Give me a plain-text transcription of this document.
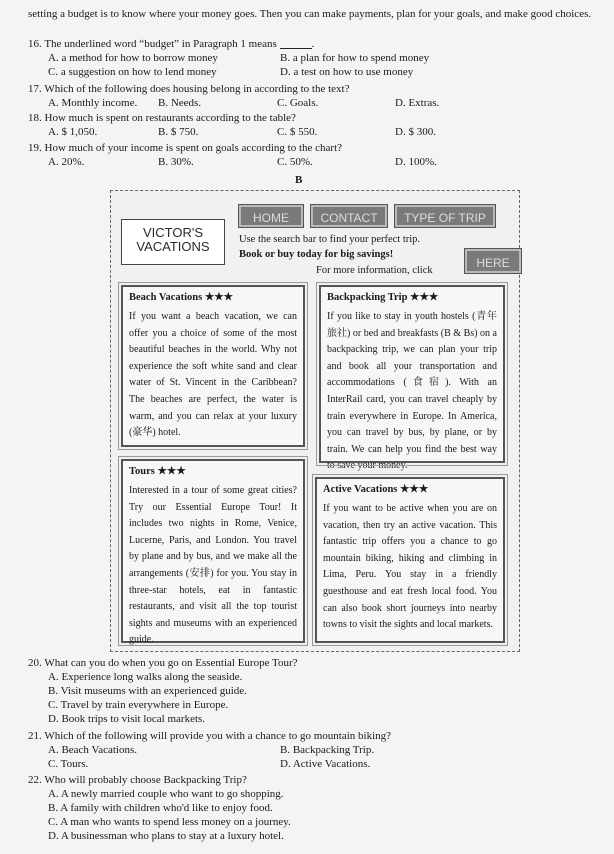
setting a budget is to know where your money goes. Then you can make payments, plan for your goals, and make good choices.
16. The underlined word “budget” in Paragraph 1 means	.
A. a method for how to borrow money	B. a plan for how to spend money
C. a suggestion on how to lend money	D. a test on how to use money
17. Which of the following does housing belong in according to the text?
A. Monthly income.	B. Needs.	C. Goals.	D. Extras.
18. How much is spent on restaurants according to the table?
A. $ 1,050.	B. $ 750.	C. $ 550.	D. $ 300.
19. How much of your income is spent on goals according to the chart?
A. 20%.	B. 30%.	C. 50%.	D. 100%.
B
VICTOR'S
VACATIONS
HOME	CONTACT	TYPE OF TRIP
Use the search bar to find your perfect trip.
Book or buy today for big savings!
For more information, click
HERE
Beach Vacations ★★★
If you want a beach vacation, we can offer you a choice of some of the most beautiful beaches in the world. Why not experience the soft white sand and clear water of St. Vincent in the Caribbean? The beaches are perfect, the water is warm, and you can relax at your luxury (豪华) hotel.
Backpacking Trip ★★★
If you like to stay in youth hostels (青年旅社) or bed and breakfasts (B & Bs) on a backpacking trip, we can plan your trip and book all your transportation and accommodations (食宿). With an InterRail card, you can travel cheaply by train everywhere in Europe. In America, you can travel by bus, by plane, or by train. We can help you find the best way to save your money.
Tours ★★★
Interested in a tour of some great cities? Try our Essential Europe Tour! It includes two nights in Rome, Venice, Lucerne, Paris, and London. You travel by plane and by bus, and we make all the arrangements (安排) for you. You stay in three-star hotels, eat in fantastic restaurants, and visit all the top tourist sights and museums with an experienced guide.
Active Vacations ★★★
If you want to be active when you are on vacation, then try an active vacation. This fantastic trip offers you a chance to go mountain biking, hiking and climbing in Lima, Peru. You stay in a friendly guesthouse and eat fresh local food. You can also book short journeys into nearby towns to visit the sights and local markets.
20. What can you do when you go on Essential Europe Tour?
A. Experience long walks along the seaside.
B. Visit museums with an experienced guide.
C. Travel by train everywhere in Europe.
D. Book trips to visit local markets.
21. Which of the following will provide you with a chance to go mountain biking?
A. Beach Vacations.	B. Backpacking Trip.
C. Tours.	D. Active Vacations.
22. Who will probably choose Backpacking Trip?
A. A newly married couple who want to go shopping.
B. A family with children who'd like to enjoy food.
C. A man who wants to spend less money on a journey.
D. A businessman who plans to stay at a luxury hotel.
